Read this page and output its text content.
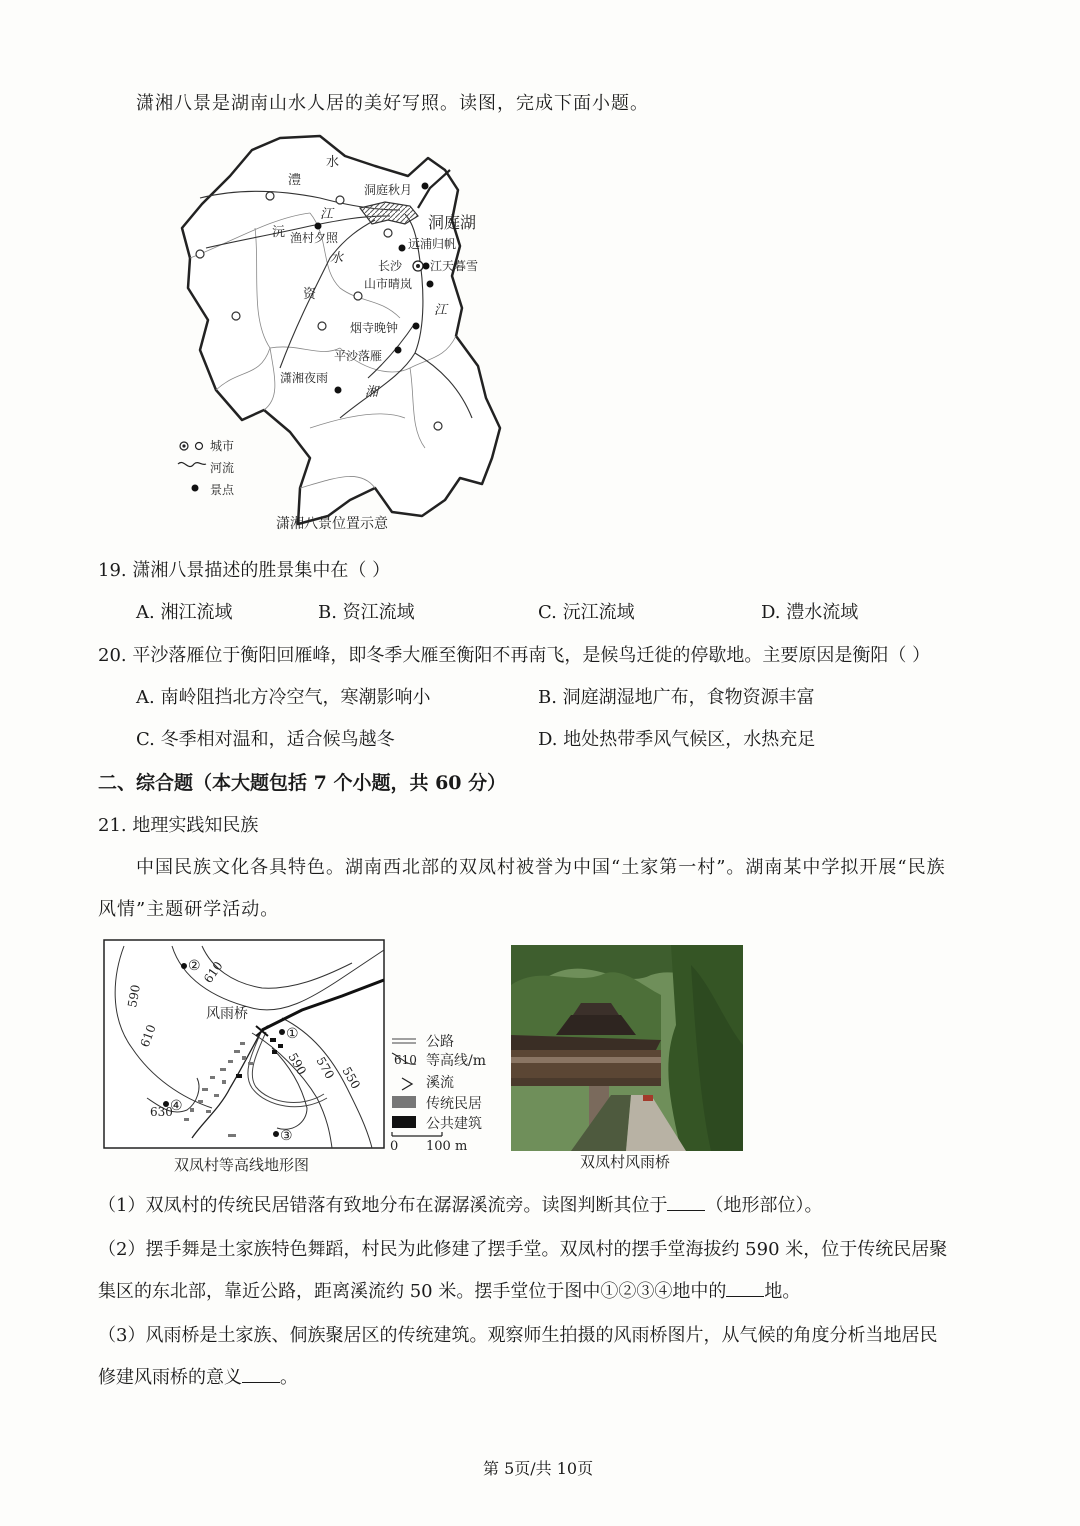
潇湘八景是湖南山水人居的美好写照。读图，完成下面小题。
水
澧
沅
江
水
资
湘
江
洞庭湖
长沙
洞庭秋月
渔村夕照	远浦归帆
江天暮雪
山市晴岚
烟寺晚钟
平沙落雁
潇湘夜雨
城市
河流
景点
潇湘八景位置示意
19. 潇湘八景描述的胜景集中在（ ）
A. 湘江流域	B. 资江流域	C. 沅江流域	D. 澧水流域
20. 平沙落雁位于衡阳回雁峰，即冬季大雁至衡阳不再南飞，是候鸟迁徙的停歇地。主要原因是衡阳（ ）
A. 南岭阻挡北方冷空气，寒潮影响小	B. 洞庭湖湿地广布，食物资源丰富
C. 冬季相对温和，适合候鸟越冬	D. 地处热带季风气候区，水热充足
二、综合题（本大题包括 7 个小题，共 60 分）
21. 地理实践知民族
中国民族文化各具特色。湖南西北部的双凤村被誉为中国“土家第一村”。湖南某中学拟开展“民族
风情”主题研学活动。
①
②
③
④
风雨桥
610
590
610
570 550
590
630
公路
610 等高线/m
溪流
传统民居
公共建筑
0 100 m
双凤村等高线地形图	双凤村风雨桥
（1）双凤村的传统民居错落有致地分布在潺潺溪流旁。读图判断其位于 （地形部位）。
（2）摆手舞是土家族特色舞蹈，村民为此修建了摆手堂。双凤村的摆手堂海拔约 590 米，位于传统民居聚
集区的东北部，靠近公路，距离溪流约 50 米。摆手堂位于图中①②③④地中的 地。
（3）风雨桥是土家族、侗族聚居区的传统建筑。观察师生拍摄的风雨桥图片，从气候的角度分析当地居民
修建风雨桥的意义 。
第 5页/共 10页
